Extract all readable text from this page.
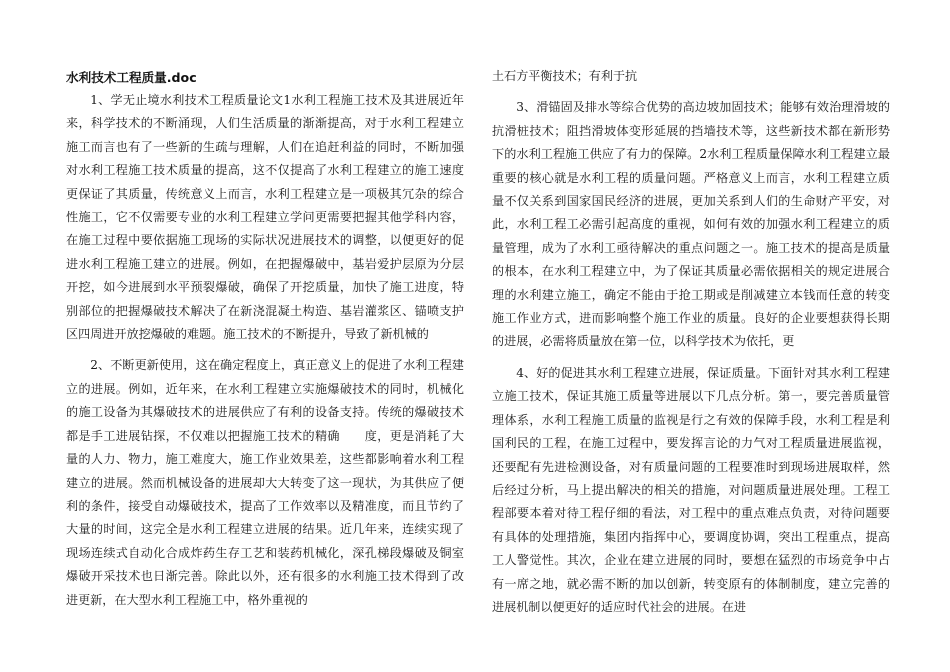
水利技术工程质量.doc

1、学无止境水利技术工程质量论文1水利工程施工技术及其进展近年来，科学技术的不断涌现，人们生活质量的渐渐提高，对于水利工程建立施工而言也有了一些新的生疏与理解，人们在追赶利益的同时，不断加强对水利工程施工技术质量的提高，这不仅提高了水利工程建立的施工速度更保证了其质量，传统意义上而言，水利工程建立是一项极其冗杂的综合性施工，它不仅需要专业的水利工程建立学问更需要把握其他学科内容，在施工过程中要依据施工现场的实际状况进展技术的调整，以便更好的促进水利工程施工建立的进展。例如，在把握爆破中，基岩爱护层原为分层开挖，如今进展到水平预裂爆破，确保了开挖质量，加快了施工进度，特别部位的把握爆破技术解决了在新浇混凝土构造、基岩灌浆区、锚喷支护区四周进开放挖爆破的难题。施工技术的不断提升，导致了新机械的

2、不断更新使用，这在确定程度上，真正意义上的促进了水利工程建立的进展。例如，近年来，在水利工程建立实施爆破技术的同时，机械化的施工设备为其爆破技术的进展供应了有利的设备支持。传统的爆破技术都是手工进展钻探，不仅难以把握施工技术的精确　　度，更是消耗了大量的人力、物力，施工难度大，施工作业效果差，这些都影响着水利工程建立的进展。然而机械设备的进展却大大转变了这一现状，为其供应了便利的条件，接受自动爆破技术，提高了工作效率以及精准度，而且节约了大量的时间，这完全是水利工程建立进展的结果。近几年来，连续实现了现场连续式自动化合成炸药生存工艺和装药机械化，深孔梯段爆破及铜室爆破开采技术也日渐完善。除此以外，还有很多的水利施工技术得到了改进更新，在大型水利工程施工中，格外重视的

土石方平衡技术；有利于抗

3、滑锚固及排水等综合优势的高边坡加固技术；能够有效治理滑坡的抗滑桩技术；阻挡滑坡体变形延展的挡墙技术等，这些新技术都在新形势下的水利工程施工供应了有力的保障。2水利工程质量保障水利工程建立最重要的核心就是水利工程的质量问题。严格意义上而言，水利工程建立质量不仅关系到国家国民经济的进展，更加关系到人们的生命财产平安，对此，水利工程工必需引起高度的重视，如何有效的加强水利工程建立的质量管理，成为了水利工亟待解决的重点问题之一。施工技术的提高是质量的根本，在水利工程建立中，为了保证其质量必需依据相关的规定进展合理的水利建立施工，确定不能由于抢工期或是削减建立本钱而任意的转变施工作业方式，进而影响整个施工作业的质量。良好的企业要想获得长期的进展，必需将质量放在第一位，以科学技术为依托，更

4、好的促进其水利工程建立进展，保证质量。下面针对其水利工程建立施工技术，保证其施工质量等进展以下几点分析。第一，要完善质量管理体系，水利工程施工质量的监视是行之有效的保障手段，水利工程是利国利民的工程，在施工过程中，要发挥言论的力气对工程质量进展监视，还要配有先进检测设备，对有质量问题的工程要准时到现场进展取样，然后经过分析，马上提出解决的相关的措施，对问题质量进展处理。工程工程部要本着对待工程仔细的看法，对工程中的重点难点负责，对待问题要有具体的处理措施，集团内指挥中心，要调度协调，突出工程重点，提高工人警觉性。其次，企业在建立进展的同时，要想在猛烈的市场竞争中占有一席之地，就必需不断的加以创新，转变原有的体制制度，建立完善的进展机制以便更好的适应时代社会的进展。在进
